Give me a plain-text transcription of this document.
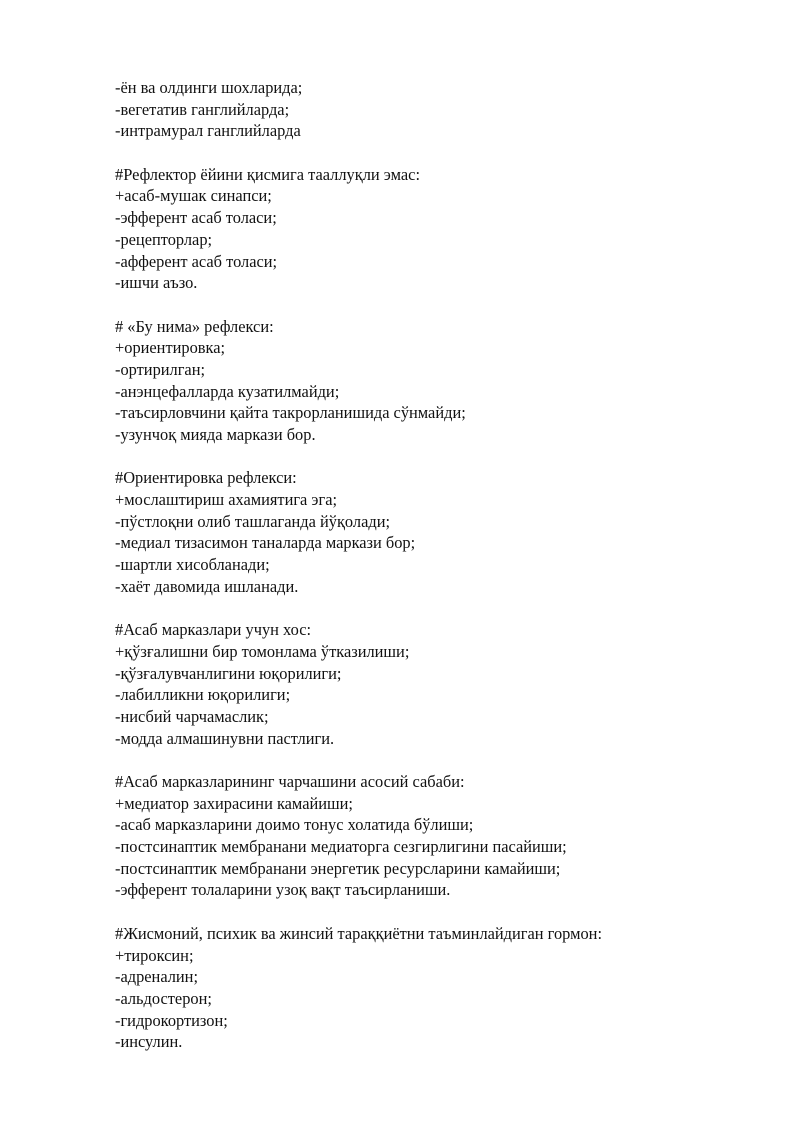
-ён ва олдинги шохларида;
-вегетатив ганглийларда;
-интрамурал ганглийларда
#Рефлектор ёйини қисмига тааллуқли эмас:
+асаб-мушак синапси;
-эфферент асаб толаси;
-рецепторлар;
-афферент асаб толаси;
-ишчи аъзо.
# «Бу нима» рефлекси:
+ориентировка;
-ортирилган;
-анэнцефалларда кузатилмайди;
-таъсирловчини қайта такрорланишида сўнмайди;
-узунчоқ мияда маркази бор.
#Ориентировка рефлекси:
+мослаштириш ахамиятига эга;
-пўстлоқни олиб ташлаганда йўқолади;
-медиал тизасимон таналарда маркази бор;
-шартли хисобланади;
-хаёт давомида ишланади.
#Асаб марказлари учун хос:
+қўзғалишни бир томонлама ўтказилиши;
-қўзғалувчанлигини юқорилиги;
-лабилликни юқорилиги;
-нисбий чарчамаслик;
-модда алмашинувни пастлиги.
#Асаб марказларининг чарчашини асосий сабаби:
+медиатор захирасини камайиши;
-асаб марказларини доимо тонус холатида бўлиши;
-постсинаптик мембранани медиаторга сезгирлигини пасайиши;
-постсинаптик мембранани энергетик ресурсларини камайиши;
-эфферент толаларини узоқ вақт таъсирланиши.
#Жисмоний, психик ва жинсий тараққиётни таъминлайдиган гормон:
+тироксин;
-адреналин;
-альдостерон;
-гидрокортизон;
-инсулин.
